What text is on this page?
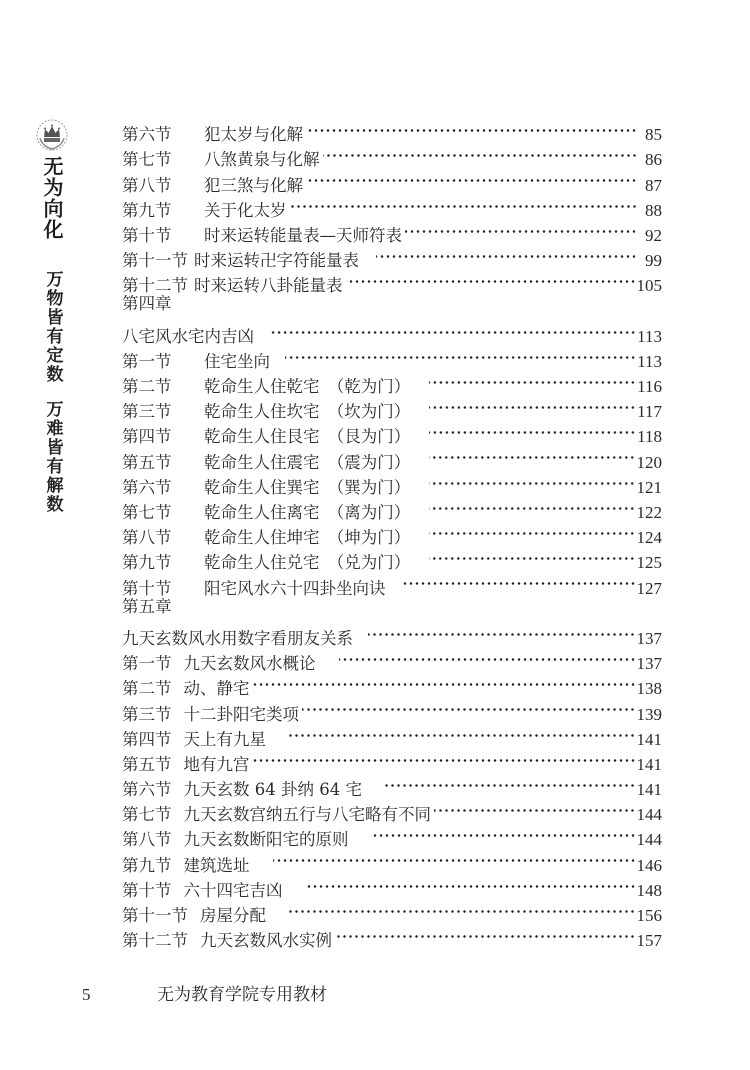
无为向化
万物皆有定数
万难皆有解数
第六节	犯太岁与化解	85
第七节	八煞黄泉与化解	86
第八节	犯三煞与化解	87
第九节	关于化太岁	88
第十节	时来运转能量表—天师符表	92
第十一节 时来运转卍字符能量表	99
第十二节 时来运转八卦能量表	105
第四章
八宅风水宅内吉凶	113
第一节	住宅坐向	113
第二节	乾命生人住乾宅　（乾为门）	116
第三节	乾命生人住坎宅　（坎为门）	117
第四节	乾命生人住艮宅　（艮为门）	118
第五节	乾命生人住震宅　（震为门）	120
第六节	乾命生人住巽宅　（巽为门）	121
第七节	乾命生人住离宅　（离为门）	122
第八节	乾命生人住坤宅　（坤为门）	124
第九节	乾命生人住兑宅　（兑为门）	125
第十节	阳宅风水六十四卦坐向诀	127
第五章
九天玄数风水用数字看朋友关系	137
第一节 九天玄数风水概论	137
第二节 动、静宅	138
第三节 十二卦阳宅类项	139
第四节 天上有九星	141
第五节 地有九宫	141
第六节 九天玄数 64 卦纳 64 宅	141
第七节 九天玄数宫纳五行与八宅略有不同	144
第八节 九天玄数断阳宅的原则	144
第九节 建筑选址	146
第十节 六十四宅吉凶	148
第十一节 房屋分配	156
第十二节 九天玄数风水实例	157
5	无为教育学院专用教材
